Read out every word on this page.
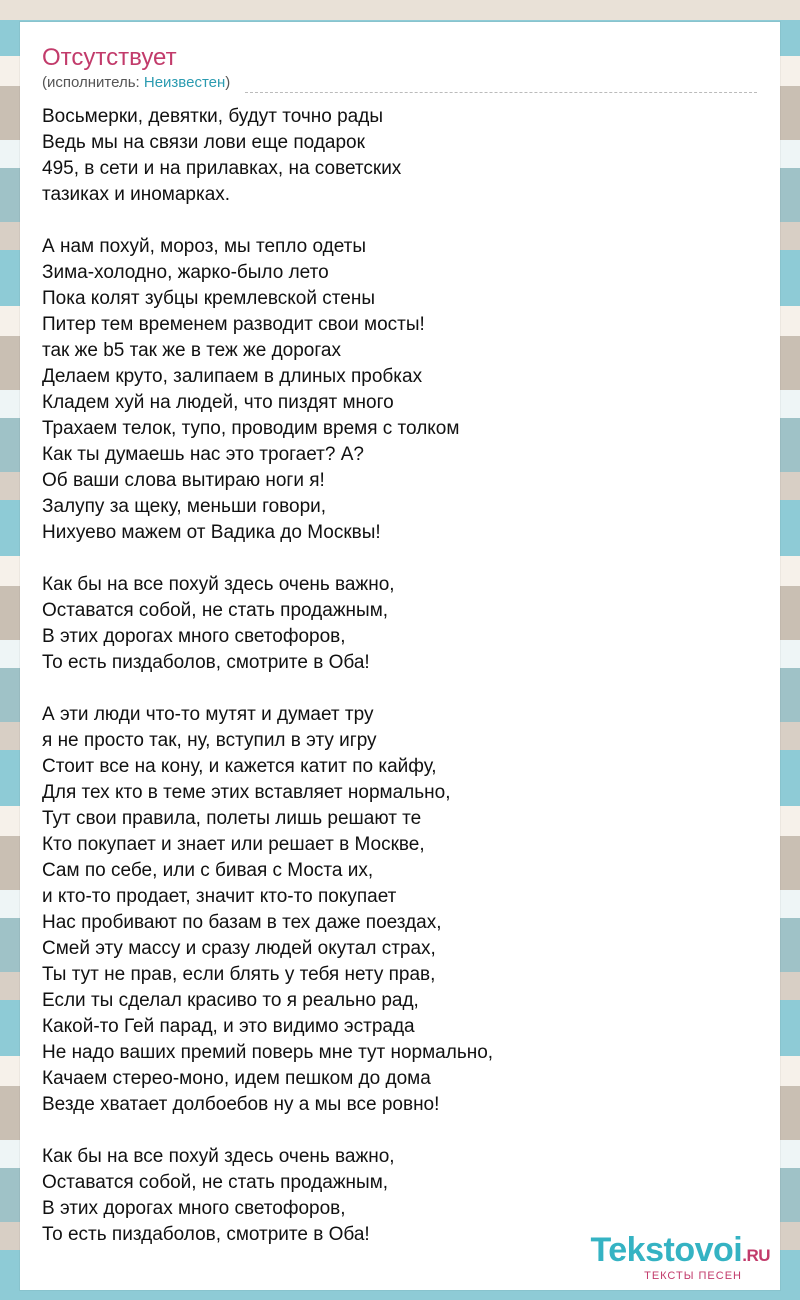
Отсутствует
(исполнитель: Неизвестен)
Восьмерки, девятки, будут точно рады
Ведь мы на связи лови еще подарок
495, в сети и на прилавках, на советских
тазиках и иномарках.
А нам похуй, мороз, мы тепло одеты
Зима-холодно, жарко-было лето
Пока колят зубцы кремлевской стены
Питер тем временем разводит свои мосты!
так же b5 так же в теж же дорогах
Делаем круто, залипаем в длиных пробках
Кладем хуй на людей, что пиздят много
Трахаем телок, тупо, проводим время с толком
Как ты думаешь нас это трогает? А?
Об ваши слова вытираю ноги я!
Залупу за щеку, меньши говори,
Нихуево мажем от Вадика до Москвы!
Как бы на все похуй здесь очень важно,
Оставатся собой, не стать продажным,
В этих дорогах много светофоров,
То есть пиздаболов, смотрите в Оба!
А эти люди что-то мутят и думает тру
я не просто так, ну, вступил в эту игру
Стоит все на кону, и кажется катит по кайфу,
Для тех кто в теме этих вставляет нормально,
Тут свои правила, полеты лишь решают те
Кто покупает и знает или решает в Москве,
Сам по себе, или с бивая с Моста их,
и кто-то продает, значит кто-то покупает
Нас пробивают по базам в тех даже поездах,
Смей эту массу и сразу людей окутал страх,
Ты тут не прав, если блять у тебя нету прав,
Если ты сделал красиво то я реально рад,
Какой-то Гей парад, и это видимо эстрада
Не надо ваших премий поверь мне тут нормально,
Качаем стерео-моно, идем пешком до дома
Везде хватает долбоебов ну а мы все ровно!
Как бы на все похуй здесь очень важно,
Оставатся собой, не стать продажным,
В этих дорогах много светофоров,
То есть пиздаболов, смотрите в Оба!	Tekstovoi.RU
ТЕКСТЫ ПЕСЕН
